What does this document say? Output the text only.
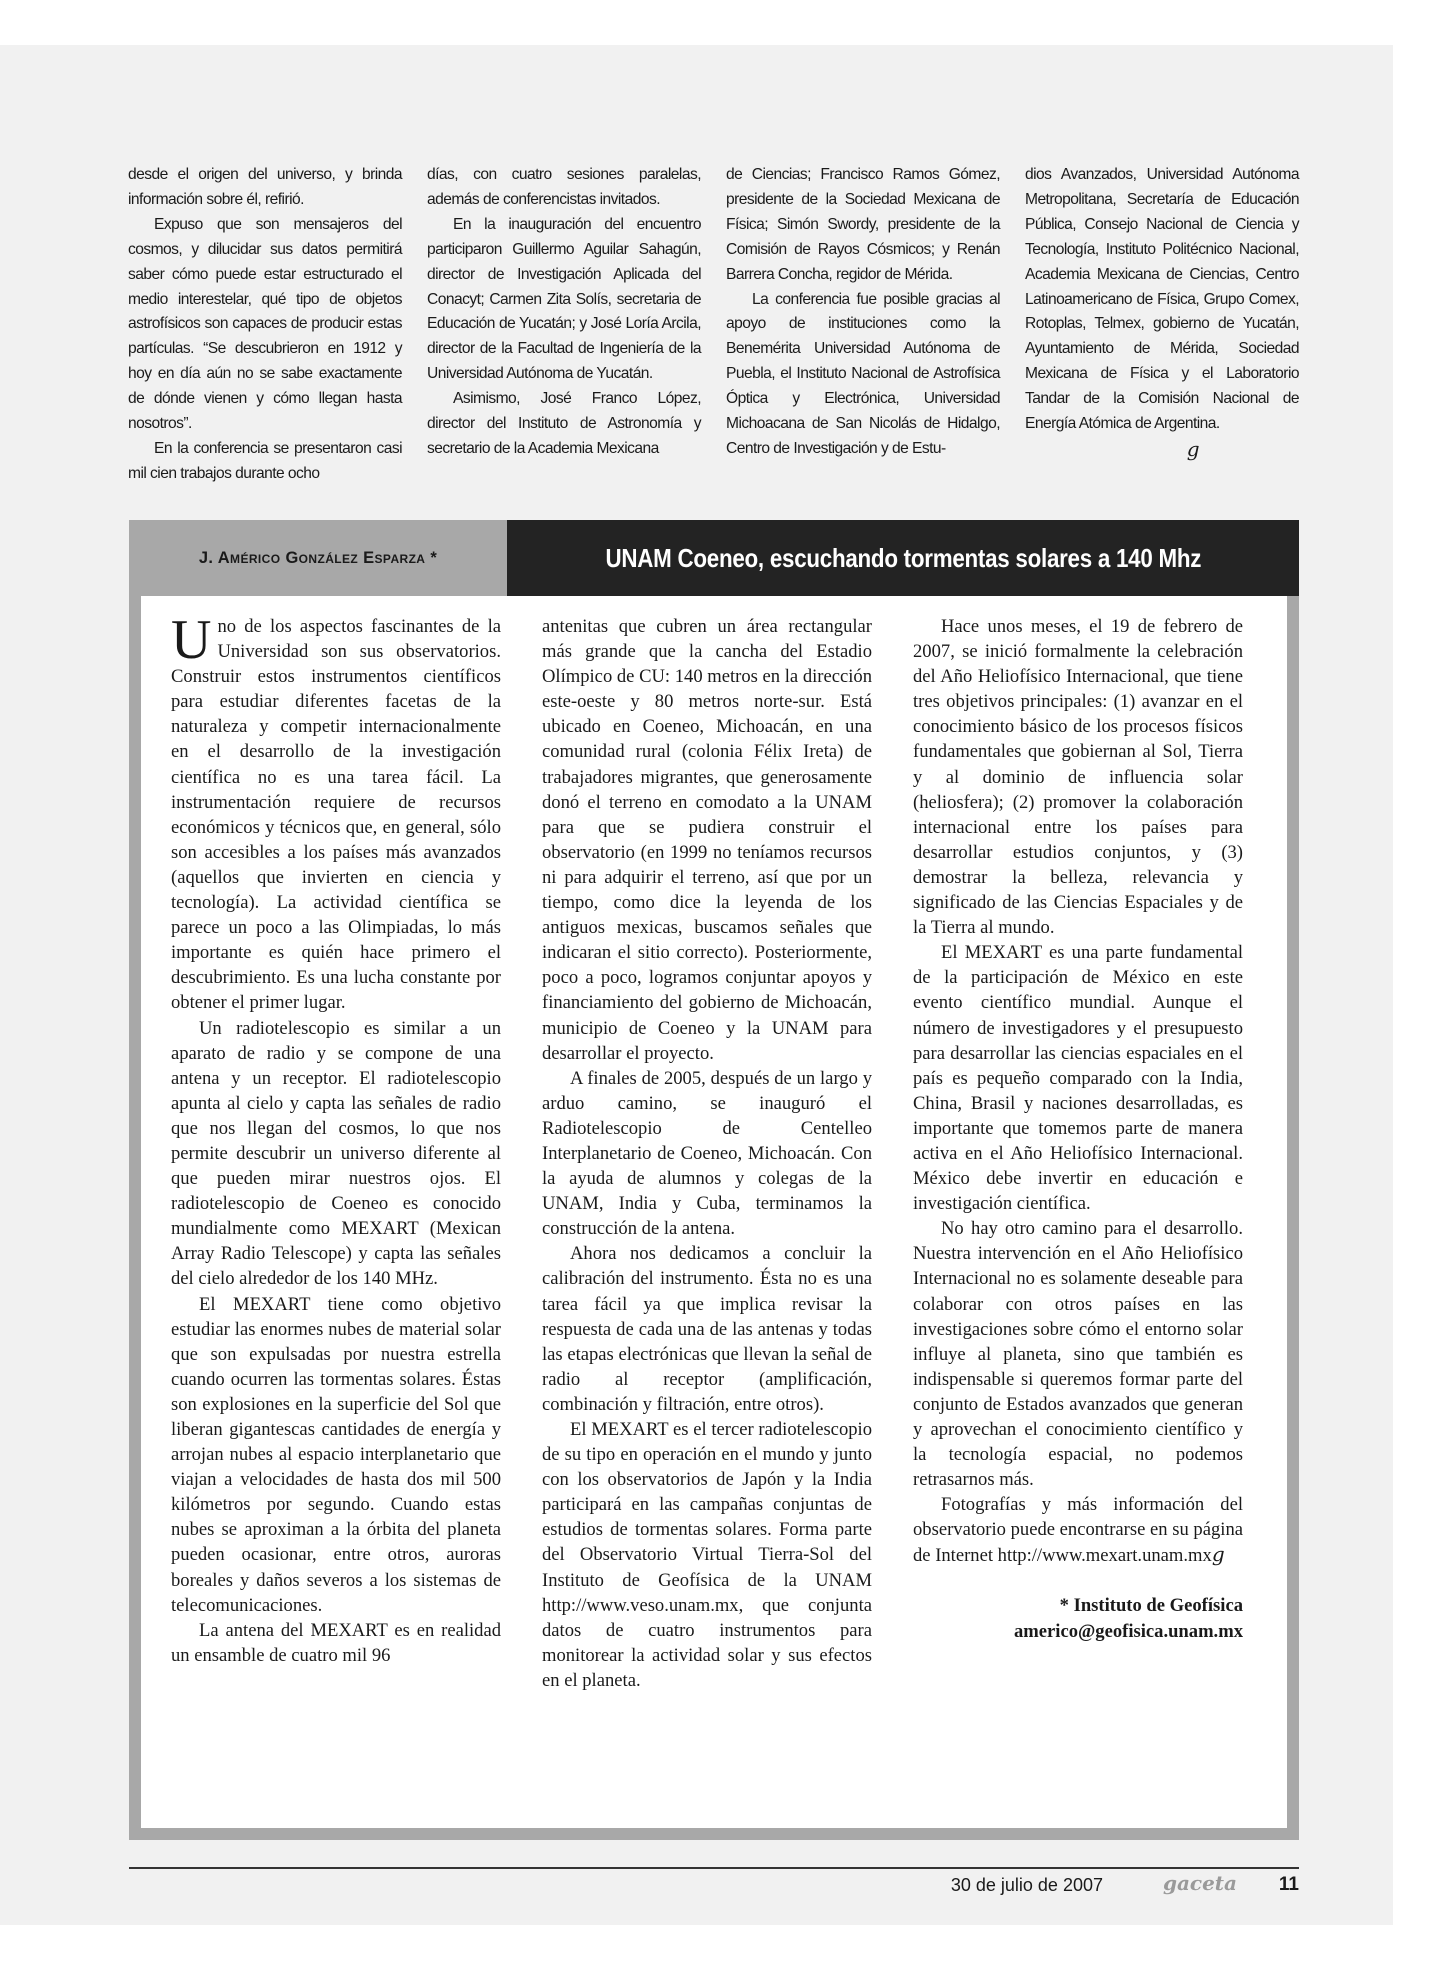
desde el origen del universo, y brinda información sobre él, refirió.

Expuso que son mensajeros del cosmos, y dilucidar sus datos permitirá saber cómo puede estar estructurado el medio interestelar, qué tipo de objetos astrofísicos son capaces de producir estas partículas. “Se descubrieron en 1912 y hoy en día aún no se sabe exactamente de dónde vienen y cómo llegan hasta nosotros”.

En la conferencia se presentaron casi mil cien trabajos durante ocho

días, con cuatro sesiones paralelas, además de conferencistas invitados.

En la inauguración del encuentro participaron Guillermo Aguilar Sahagún, director de Investigación Aplicada del Conacyt; Carmen Zita Solís, secretaria de Educación de Yucatán; y José Loría Arcila, director de la Facultad de Ingeniería de la Universidad Autónoma de Yucatán.

Asimismo, José Franco López, director del Instituto de Astronomía y secretario de la Academia Mexicana

de Ciencias; Francisco Ramos Gómez, presidente de la Sociedad Mexicana de Física; Simón Swordy, presidente de la Comisión de Rayos Cósmicos; y Renán Barrera Concha, regidor de Mérida.

La conferencia fue posible gracias al apoyo de instituciones como la Benemérita Universidad Autónoma de Puebla, el Instituto Nacional de Astrofísica Óptica y Electrónica, Universidad Michoacana de San Nicolás de Hidalgo, Centro de Investigación y de Estu-

dios Avanzados, Universidad Autónoma Metropolitana, Secretaría de Educación Pública, Consejo Nacional de Ciencia y Tecnología, Instituto Politécnico Nacional, Academia Mexicana de Ciencias, Centro Latinoamericano de Física, Grupo Comex, Rotoplas, Telmex, gobierno de Yucatán, Ayuntamiento de Mérida, Sociedad Mexicana de Física y el Laboratorio Tandar de la Comisión Nacional de Energía Atómica de Argentina.

g
J. Américo González Esparza *	UNAM Coeneo, escuchando tormentas solares a 140 Mhz

Uno de los aspectos fascinantes de la Universidad son sus observatorios. Construir estos instrumentos científicos para estudiar diferentes facetas de la naturaleza y competir internacionalmente en el desarrollo de la investigación científica no es una tarea fácil. La instrumentación requiere de recursos económicos y técnicos que, en general, sólo son accesibles a los países más avanzados (aquellos que invierten en ciencia y tecnología). La actividad científica se parece un poco a las Olimpiadas, lo más importante es quién hace primero el descubrimiento. Es una lucha constante por obtener el primer lugar.

Un radiotelescopio es similar a un aparato de radio y se compone de una antena y un receptor. El radiotelescopio apunta al cielo y capta las señales de radio que nos llegan del cosmos, lo que nos permite descubrir un universo diferente al que pueden mirar nuestros ojos. El radiotelescopio de Coeneo es conocido mundialmente como MEXART (Mexican Array Radio Telescope) y capta las señales del cielo alrededor de los 140 MHz.

El MEXART tiene como objetivo estudiar las enormes nubes de material solar que son expulsadas por nuestra estrella cuando ocurren las tormentas solares. Éstas son explosiones en la superficie del Sol que liberan gigantescas cantidades de energía y arrojan nubes al espacio interplanetario que viajan a velocidades de hasta dos mil 500 kilómetros por segundo. Cuando estas nubes se aproximan a la órbita del planeta pueden ocasionar, entre otros, auroras boreales y daños severos a los sistemas de telecomunicaciones.

La antena del MEXART es en realidad un ensamble de cuatro mil 96

antenitas que cubren un área rectangular más grande que la cancha del Estadio Olímpico de CU: 140 metros en la dirección este-oeste y 80 metros norte-sur. Está ubicado en Coeneo, Michoacán, en una comunidad rural (colonia Félix Ireta) de trabajadores migrantes, que generosamente donó el terreno en comodato a la UNAM para que se pudiera construir el observatorio (en 1999 no teníamos recursos ni para adquirir el terreno, así que por un tiempo, como dice la leyenda de los antiguos mexicas, buscamos señales que indicaran el sitio correcto). Posteriormente, poco a poco, logramos conjuntar apoyos y financiamiento del gobierno de Michoacán, municipio de Coeneo y la UNAM para desarrollar el proyecto.

A finales de 2005, después de un largo y arduo camino, se inauguró el Radiotelescopio de Centelleo Interplanetario de Coeneo, Michoacán. Con la ayuda de alumnos y colegas de la UNAM, India y Cuba, terminamos la construcción de la antena.

Ahora nos dedicamos a concluir la calibración del instrumento. Ésta no es una tarea fácil ya que implica revisar la respuesta de cada una de las antenas y todas las etapas electrónicas que llevan la señal de radio al receptor (amplificación, combinación y filtración, entre otros).

El MEXART es el tercer radiotelescopio de su tipo en operación en el mundo y junto con los observatorios de Japón y la India participará en las campañas conjuntas de estudios de tormentas solares. Forma parte del Observatorio Virtual Tierra-Sol del Instituto de Geofísica de la UNAM http://www.veso.unam.mx, que conjunta datos de cuatro instrumentos para monitorear la actividad solar y sus efectos en el planeta.

Hace unos meses, el 19 de febrero de 2007, se inició formalmente la celebración del Año Heliofísico Internacional, que tiene tres objetivos principales: (1) avanzar en el conocimiento básico de los procesos físicos fundamentales que gobiernan al Sol, Tierra y al dominio de influencia solar (heliosfera); (2) promover la colaboración internacional entre los países para desarrollar estudios conjuntos, y (3) demostrar la belleza, relevancia y significado de las Ciencias Espaciales y de la Tierra al mundo.

El MEXART es una parte fundamental de la participación de México en este evento científico mundial. Aunque el número de investigadores y el presupuesto para desarrollar las ciencias espaciales en el país es pequeño comparado con la India, China, Brasil y naciones desarrolladas, es importante que tomemos parte de manera activa en el Año Heliofísico Internacional. México debe invertir en educación e investigación científica.

No hay otro camino para el desarrollo. Nuestra intervención en el Año Heliofísico Internacional no es solamente deseable para colaborar con otros países en las investigaciones sobre cómo el entorno solar influye al planeta, sino que también es indispensable si queremos formar parte del conjunto de Estados avanzados que generan y aprovechan el conocimiento científico y la tecnología espacial, no podemos retrasarnos más.

Fotografías y más información del observatorio puede encontrarse en su página de Internet http://www.mexart.unam.mxg

* Instituto de Geofísica
americo@geofisica.unam.mx
30 de julio de 2007	gaceta 11
